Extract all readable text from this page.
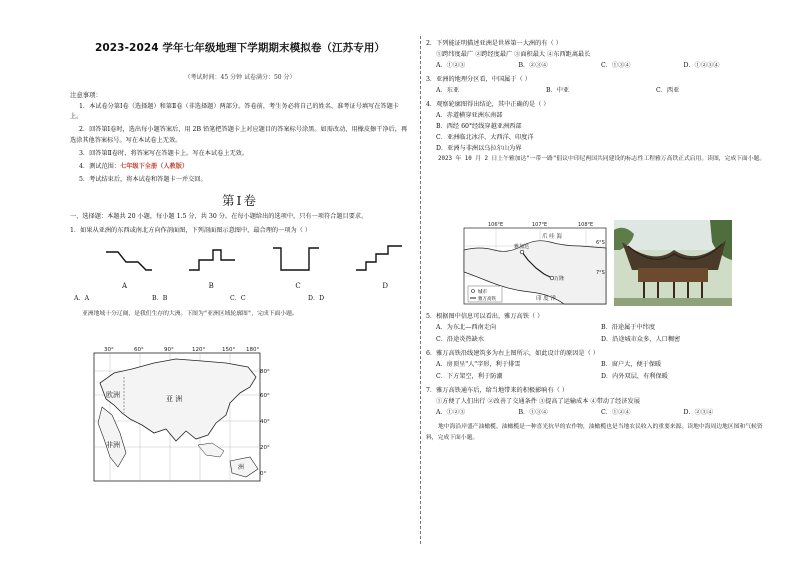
2023-2024 学年七年级地理下学期期末模拟卷（江苏专用）
（考试时间：45 分钟 试卷满分：50 分）
注意事项：

1．本试卷分第Ⅰ卷（选择题）和第Ⅱ卷（非选择题）两部分。答卷前，考生务必将自己的姓名、准考证号填写在答题卡上。

2．回答第Ⅰ卷时，选出每小题答案后，用 2B 铅笔把答题卡上对应题目的答案标号涂黑。如需改动，用橡皮擦干净后，再选涂其他答案标号。写在本试卷上无效。

3．回答第Ⅱ卷时，将答案写在答题卡上。写在本试卷上无效。

4．测试范围：七年级下全册（人教版）

5．考试结束后，将本试卷和答题卡一并交回。

第Ⅰ卷
一、选择题：本题共 20 小题，每小题 1.5 分，共 30 分。在每小题给出的选项中，只有一项符合题目要求。
1．如果从亚洲的东西或南北方向作剖面图，下列剖面图示意图中，最合理的一项为（ ）
A	B	C	D
A．A	B．B	C．C	D．D
亚洲地域十分辽阔，是我们生存的大洲。下图为"亚洲区域轮廓图"，完成下面小题。
30°	60°	90°	120°	150° 180°
80°
60°
40°
20°
0°
欧洲	亚 洲
非洲
洲
2．下列能证明描述亚洲是世界第一大洲的有（ ）
①跨纬度最广 ②跨经度最广 ③面积最大 ④东西距离最长
A．①②③	B．②③④	C．①③④	D．①②③④
3．亚洲的地理分区看，中国属于（ ）
A．东亚	B．中亚	C．西亚
4．观察轮廓图得出结论，其中正确的是（ ）
A．赤道横穿亚洲东南部
B．西经 60°经线穿越亚洲西部
C．亚洲临北冰洋、大西洋、印度洋
D．亚洲与非洲以乌拉尔山为界
2023 年 10 月 2 日上午雅加达"一带一路"倡议中印尼两国共同建设的标志性工程雅万高铁正式启用。读图，完成下面小题。
106°E	107°E	108°E
6°S
7°S
雅加达
万隆
爪 哇 海
印 度 洋
城市
雅万高铁
5．根据图中信息可以看出，雅万高铁（ ）
A．为东北—西南走向	B．沿途属于中纬度
C．沿途炎热缺水	D．沿途城市众多，人口稠密
6．雅万高铁沿线建筑多为右上图所示，如此设计的原因是（ ）
A．房顶呈"人"字形，利于排雪	B．窗户大，便于保暖
C．下方架空，利于防潮	D．内外双层，有利保暖
7．雅万高铁通车后，给当地带来的积极影响有（ ）
①方便了人们出行 ②改善了交通条件 ③提高了运输成本 ④带动了经济发展
A．①②③	B．①③④	C．①②④	D．②③④
地中海沿岸盛产油橄榄，油橄榄是一种喜光抗旱的农作物，油橄榄也是当地农民收入的重要来源。读地中海周边地区图和气候资料，完成下面小题。
